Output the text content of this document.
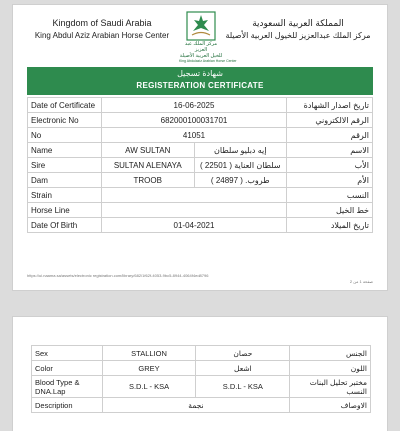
Kingdom of Saudi Arabia
King Abdul Aziz Arabian Horse Center
مركز الملك عبد العزيز
للخيل العربية الأصيلة
King Abdulaziz Arabian Horse Center
المملكة العربية السعودية
مركز الملك عبدالعزيز للخيول العربية الأصيلة
شهادة تسجيل
REGISTERATION CERTIFICATE
Date of Certificate	16-06-2025		تاريخ اصدار الشهادة
Electronic No	682000100031701		الرقم الالكتروني
No	41051		الرقم
Name	AW SULTAN	إيه دبليو سلطان	الاسم
Sire	SULTAN ALENAYA	سلطان العناية ( 22501 )	الأب
Dam	TROOB	طروب. ( 24897 )	الأم
Strain			النسب
Horse Line			خط الخيل
Date Of Birth	01-04-2021		تاريخ الميلاد
https://ui.naama.sa/assets/electronic registration.com/library/682/1f62f-4053-9bc5-8944-4064f4ed8796
صفحة 1 من 2
Sex	STALLION	حصان	الجنس
Color	GREY	اشعل	اللون
Blood Type & DNA.Lap	S.D.L - KSA	S.D.L - KSA	مختبر تحليل البنات النسب
Description	نجمة		الاوصاف
